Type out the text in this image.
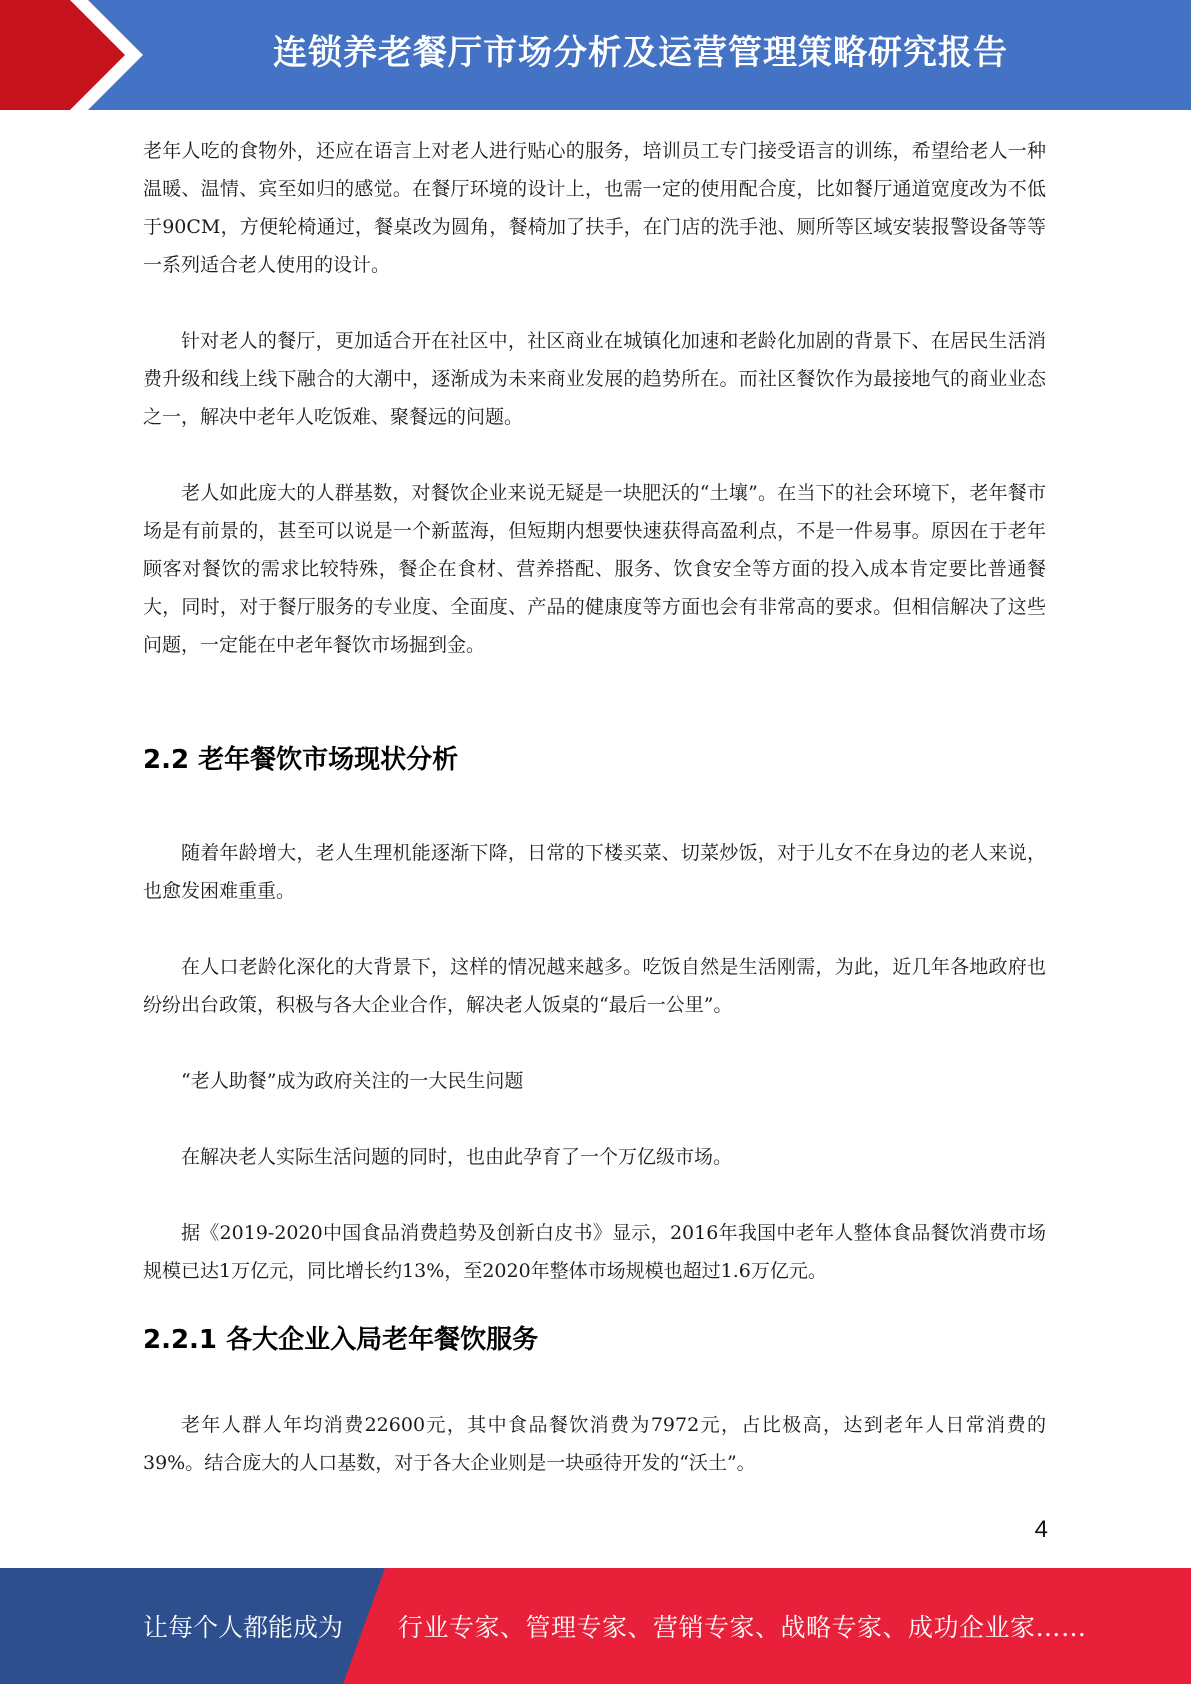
连锁养老餐厅市场分析及运营管理策略研究报告

老年人吃的食物外，还应在语言上对老人进行贴心的服务，培训员工专门接受语言的训练，希望给老人一种温暖、温情、宾至如归的感觉。在餐厅环境的设计上，也需一定的使用配合度，比如餐厅通道宽度改为不低于90CM，方便轮椅通过，餐桌改为圆角，餐椅加了扶手，在门店的洗手池、厕所等区域安装报警设备等等一系列适合老人使用的设计。

针对老人的餐厅，更加适合开在社区中，社区商业在城镇化加速和老龄化加剧的背景下、在居民生活消费升级和线上线下融合的大潮中，逐渐成为未来商业发展的趋势所在。而社区餐饮作为最接地气的商业业态之一，解决中老年人吃饭难、聚餐远的问题。

老人如此庞大的人群基数，对餐饮企业来说无疑是一块肥沃的“土壤”。在当下的社会环境下，老年餐市场是有前景的，甚至可以说是一个新蓝海，但短期内想要快速获得高盈利点，不是一件易事。原因在于老年顾客对餐饮的需求比较特殊，餐企在食材、营养搭配、服务、饮食安全等方面的投入成本肯定要比普通餐大，同时，对于餐厅服务的专业度、全面度、产品的健康度等方面也会有非常高的要求。但相信解决了这些问题，一定能在中老年餐饮市场掘到金。

2.2 老年餐饮市场现状分析

随着年龄增大，老人生理机能逐渐下降，日常的下楼买菜、切菜炒饭，对于儿女不在身边的老人来说，也愈发困难重重。

在人口老龄化深化的大背景下，这样的情况越来越多。吃饭自然是生活刚需，为此，近几年各地政府也纷纷出台政策，积极与各大企业合作，解决老人饭桌的“最后一公里”。

“老人助餐”成为政府关注的一大民生问题

在解决老人实际生活问题的同时，也由此孕育了一个万亿级市场。

据《2019-2020中国食品消费趋势及创新白皮书》显示，2016年我国中老年人整体食品餐饮消费市场规模已达1万亿元，同比增长约13%，至2020年整体市场规模也超过1.6万亿元。

2.2.1 各大企业入局老年餐饮服务

老年人群人年均消费22600元，其中食品餐饮消费为7972元，占比极高，达到老年人日常消费的39%。结合庞大的人口基数，对于各大企业则是一块亟待开发的“沃土”。

4
让每个人都能成为 行业专家、管理专家、营销专家、战略专家、成功企业家……
